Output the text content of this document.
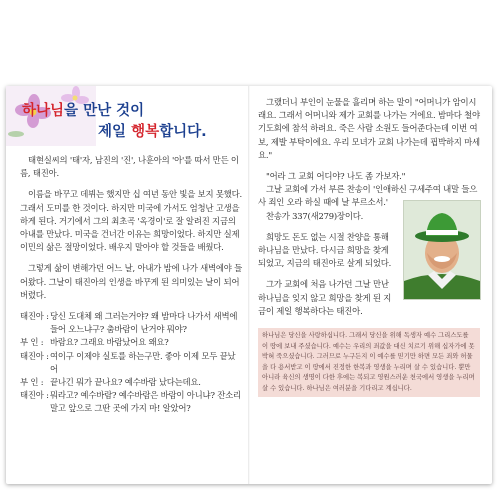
하나님을 만난 것이
제일 행복합니다.

태현실씨의 '태'자, 남진의 '진', 나훈아의 '아'를 따서 만든 이름, 태진아.

이름을 바꾸고 데뷔는 했지만 십 여년 동안 빛을 보지 못했다. 그래서 도미를 한 것이다. 하지만 미국에 가서도 엄청난 고생을 하게 된다. 거기에서 그의 최초곡 '옥경이'로 잘 알려진 지금의 아내를 만났다. 미국을 건너간 이유는 희망이었다. 하지만 실제 이민의 삶은 절망이었다. 배우지 말아야 할 것들을 배웠다.

그렇게 삶이 변해가던 어느 날, 아내가 밤에 나가 새벽에야 들어왔다. 그날이 태진아의 인생을 바꾸게 된 의미있는 날이 되어 버렸다.

태진아 : 당신 도대체 왜 그러는거야? 왜 밤마다 나가서 새벽에 들어 오느냐구? 춤바람이 난거야 뭐야?
부 인 : 바람요? 그래요 바람났어요 왜요?
태진아 : 여이구 이제야 실토를 하는구만. 좋아 이제 모두 끝났어
부 인 : 끝나긴 뭐가 끝나요? 예수바람 났다는데요.
태진아 : 뭐라고? 예수바람? 예수바람은 바람이 아니냐? 잔소리 말고 앞으로 그딴 곳에 가지 마! 알았어?

그랬더니 부인이 눈물을 흘리며 하는 말이 "어머니가 암이시래요. 그래서 어머니와 제가 교회를 나가는 거에요. 밤마다 철야기도회에 참석 하려요. 죽은 사람 소원도 들어준다는데 이번 여보, 제발 부탁이에요. 우리 모녀가 교회 나가는데 핍박하지 마세요."

"어라 그 교회 어디야? 나도 좀 가보자."

그날 교회에 가서 부른 찬송이 '인애하신 구세주여 내말 들으사 죄인 오라 하실 때에 날 부르소서.'

찬송가 337(새279)장이다.

희망도 돈도 없는 시절 찬양을 통해 하나님을 만났다. 다시금 희망을 찾게 되었고, 지금의 태진아로 살게 되었다.

그가 교회에 처음 나가던 그날 만난 하나님을 잊지 않고 희망을 찾게 된 지금이 제일 행복하다는 태진아.

하나님은 당신을 사랑하십니다. 그래서 당신을 위해 독생자 예수 그리스도를 이 땅에 보내 주셨습니다. 예수는 우리의 죄값을 대신 치르기 위해 십자가에 못 박혀 죽으셨습니다. 그러므로 누구든지 이 예수를 믿기만 하면 모든 죄와 허물을 다 용서받고 이 땅에서 진정한 한복과 영생을 누리며 살 수 있습니다. 뿐만 아니라 육신의 생명이 다한 후에는 복되고 영원스러운 천국에서 영생을 누리며 살 수 있습니다. 하나님은 여러분을 기다리고 계십니다.
